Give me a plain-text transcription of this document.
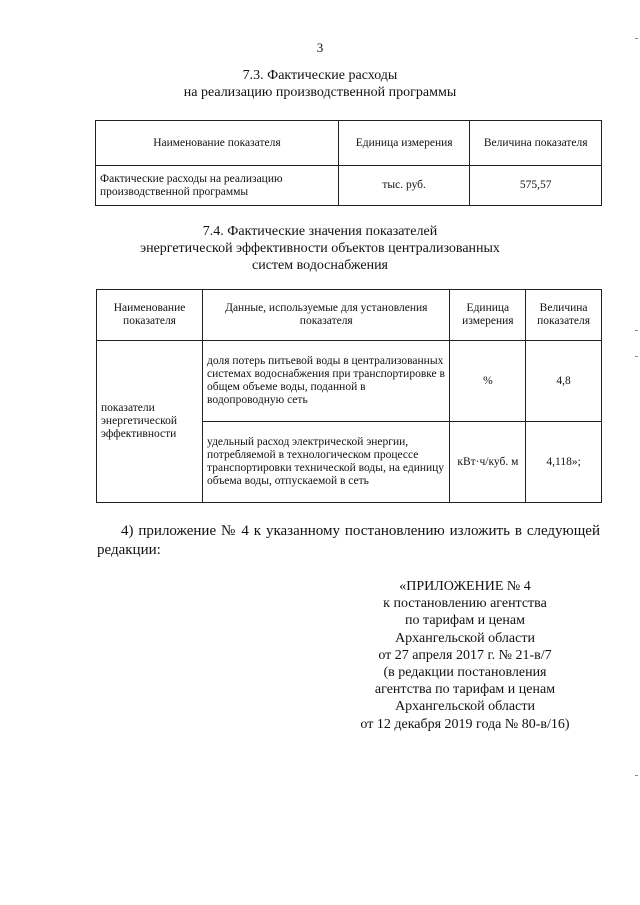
3
7.3. Фактические расходы
на реализацию производственной программы
Наименование показателя	Единица измерения	Величина показателя
Фактические расходы на реализацию производственной программы	тыс. руб.	575,57
7.4. Фактические значения показателей
энергетической эффективности объектов централизованных
систем водоснабжения
Наименование показателя	Данные, используемые для установления показателя	Единица измерения	Величина показателя
показатели энергетической эффективности	доля потерь питьевой воды в централизованных системах водоснабжения при транспортировке в общем объеме воды, поданной в водопроводную сеть	%	4,8
	удельный расход электрической энергии, потребляемой в технологическом процессе транспортировки технической воды, на единицу объема воды, отпускаемой в сеть	кВт·ч/куб. м	4,118»;
4) приложение № 4 к указанному постановлению изложить в следующей редакции:
«ПРИЛОЖЕНИЕ № 4
к постановлению агентства
по тарифам и ценам
Архангельской области
от 27 апреля 2017 г. № 21-в/7
(в редакции постановления
агентства по тарифам и ценам
Архангельской области
от 12 декабря 2019 года № 80-в/16)
